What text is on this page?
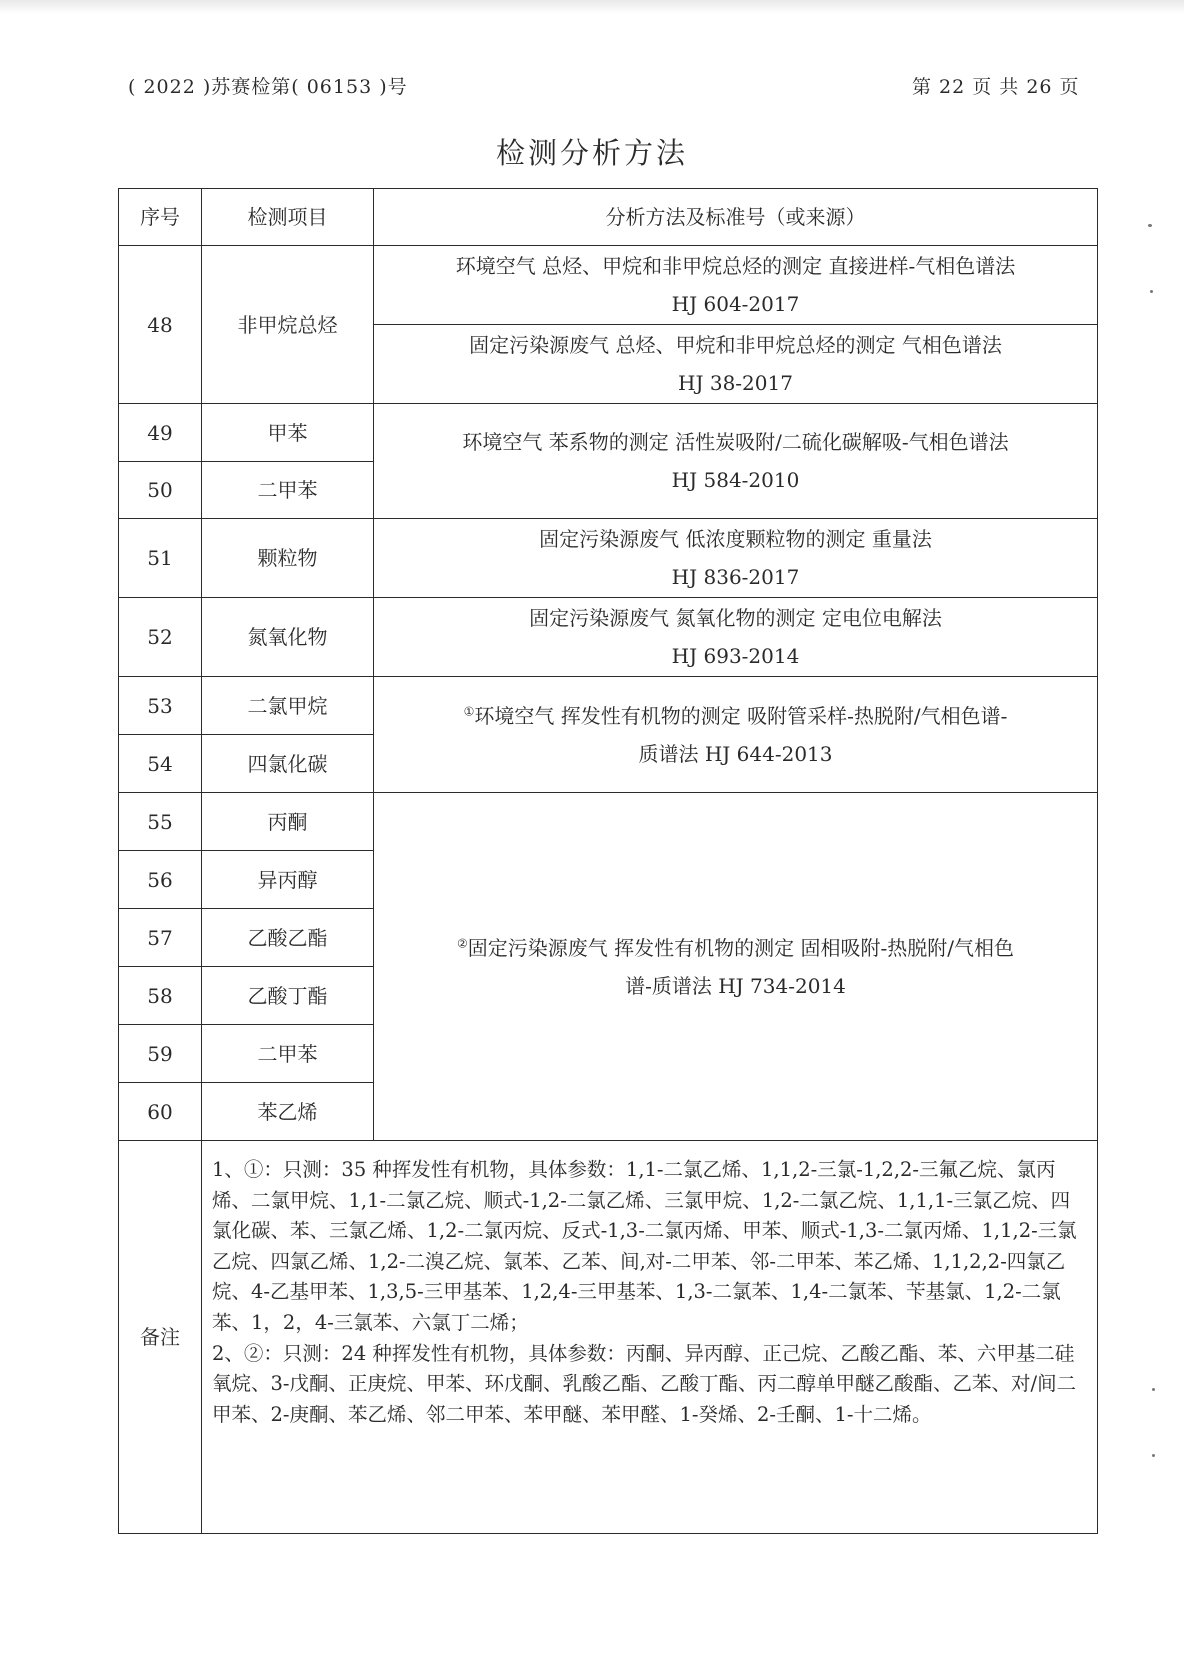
( 2022 )苏赛检第( 06153 )号	第 22 页 共 26 页
检测分析方法
序号	检测项目	分析方法及标准号（或来源）
48	非甲烷总烃	环境空气 总烃、甲烷和非甲烷总烃的测定 直接进样-气相色谱法
HJ 604-2017

		固定污染源废气 总烃、甲烷和非甲烷总烃的测定 气相色谱法
HJ 38-2017

49	甲苯	环境空气 苯系物的测定 活性炭吸附/二硫化碳解吸-气相色谱法
HJ 584-2010

50	二甲苯	
51	颗粒物	固定污染源废气 低浓度颗粒物的测定 重量法
HJ 836-2017

52	氮氧化物	固定污染源废气 氮氧化物的测定 定电位电解法
HJ 693-2014

53	二氯甲烷	①环境空气 挥发性有机物的测定 吸附管采样-热脱附/气相色谱-
质谱法 HJ 644-2013

54	四氯化碳	
55	丙酮	②固定污染源废气 挥发性有机物的测定 固相吸附-热脱附/气相色
谱-质谱法 HJ 734-2014

56	异丙醇	
57	乙酸乙酯	
58	乙酸丁酯	
59	二甲苯	
60	苯乙烯	
备注	1、①：只测：35 种挥发性有机物，具体参数：1,1-二氯乙烯、1,1,2-三氯-1,2,2-三氟乙烷、氯丙烯、二氯甲烷、1,1-二氯乙烷、顺式-1,2-二氯乙烯、三氯甲烷、1,2-二氯乙烷、1,1,1-三氯乙烷、四氯化碳、苯、三氯乙烯、1,2-二氯丙烷、反式-1,3-二氯丙烯、甲苯、顺式-1,3-二氯丙烯、1,1,2-三氯乙烷、四氯乙烯、1,2-二溴乙烷、氯苯、乙苯、间,对-二甲苯、邻-二甲苯、苯乙烯、1,1,2,2-四氯乙烷、4-乙基甲苯、1,3,5-三甲基苯、1,2,4-三甲基苯、1,3-二氯苯、1,4-二氯苯、苄基氯、1,2-二氯苯、1，2，4-三氯苯、六氯丁二烯；

2、②：只测：24 种挥发性有机物，具体参数：丙酮、异丙醇、正己烷、乙酸乙酯、苯、六甲基二硅氧烷、3-戊酮、正庚烷、甲苯、环戊酮、乳酸乙酯、乙酸丁酯、丙二醇单甲醚乙酸酯、乙苯、对/间二甲苯、2-庚酮、苯乙烯、邻二甲苯、苯甲醚、苯甲醛、1-癸烯、2-壬酮、1-十二烯。	
